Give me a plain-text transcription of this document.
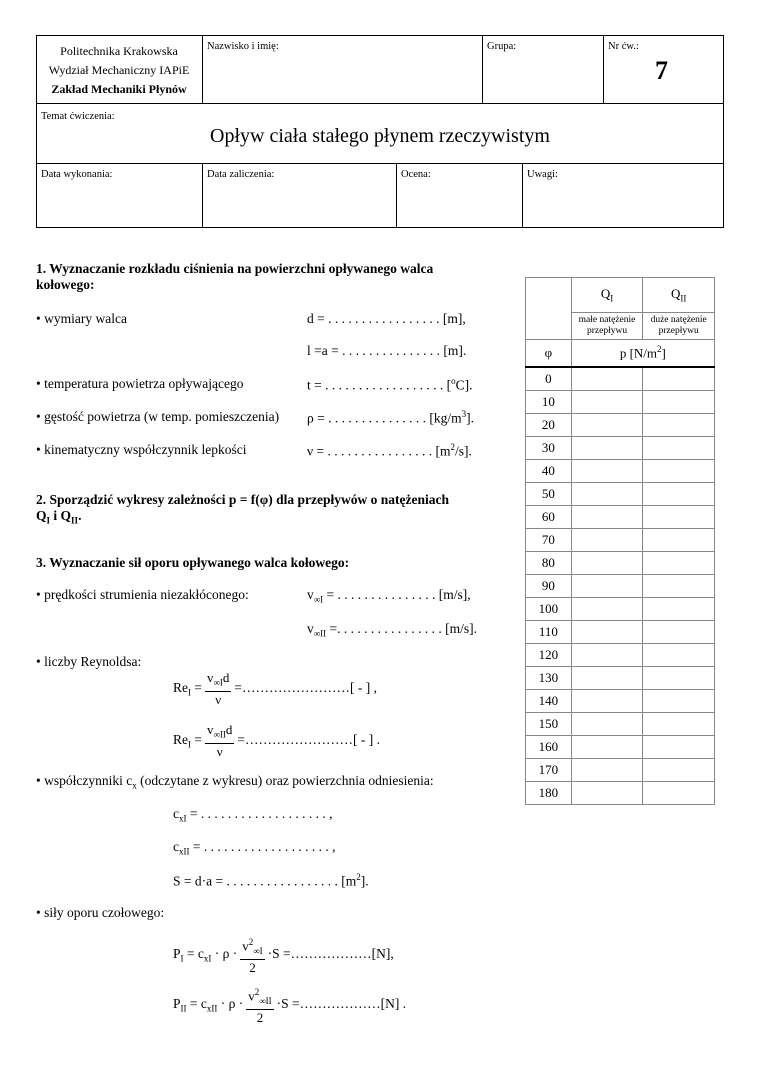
Politechnika Krakowska
Wydział Mechaniczny IAPiE
Zakład Mechaniki Płynów
Nazwisko i imię:	Grupa:	Nr ćw.:
7
Temat ćwiczenia:
Opływ ciała stałego płynem rzeczywistym
Data wykonania:	Data zaliczenia:	Ocena:	Uwagi:
1. Wyznaczanie rozkładu ciśnienia na powierzchni opływanego walca
kołowego:
• wymiary walca	d = . . . . . . . . . . . . . . . . . [m],
l =a = . . . . . . . . . . . . . . . [m].
• temperatura powietrza opływającego	t = . . . . . . . . . . . . . . . . . . [$^o$C].
• gęstość powietrza (w temp. pomieszczenia) ρ = . . . . . . . . . . . . . . . $[kg/m^3]$.
• kinematyczny współczynnik lepkości	ν = . . . . . . . . . . . . . . . . $[m^2/s]$.
2. Sporządzić wykresy zależności p = f(φ) dla przepływów o natężeniach
$Q_I$ i $Q_{II}$.
3. Wyznaczanie sił oporu opływanego walca kołowego:
• prędkości strumienia niezakłóconego:	$v_{\infty I}$ = . . . . . . . . . . . . . . . [m/s],
$v_{\infty II}$ =. . . . . . . . . . . . . . . . [m/s].
• liczby Reynoldsa:
$Re_I = \frac{v_{\infty I}d}{\nu}$ =……………………[ - ] ,
$Re_I = \frac{v_{\infty II}d}{\nu}$ =……………………[ - ] .
• współczynniki $c_x$ (odczytane z wykresu) oraz powierzchnia odniesienia:
$c_{xI}$ = . . . . . . . . . . . . . . . . . . . ,
$c_{xII}$ = . . . . . . . . . . . . . . . . . . . ,
S = d·a = . . . . . . . . . . . . . . . . . $[m^2]$.
• siły oporu czołowego:
$P_I = c_{xI} \cdot \rho \cdot \frac{v^2_{\infty I}}{2} \cdot S$ =………………[N],
$P_{II} = c_{xII} \cdot \rho \cdot \frac{v^2_{\infty II}}{2} \cdot S$ =………………[N] .
	$Q_I$	$Q_{II}$
	małe natężenie przepływu	duże natężenie przepływu
φ	p $[N/m^2]$	
0		
10		
20		
30		
40		
50		
60		
70		
80		
90		
100		
110		
120		
130		
140		
150		
160		
170		
180		
